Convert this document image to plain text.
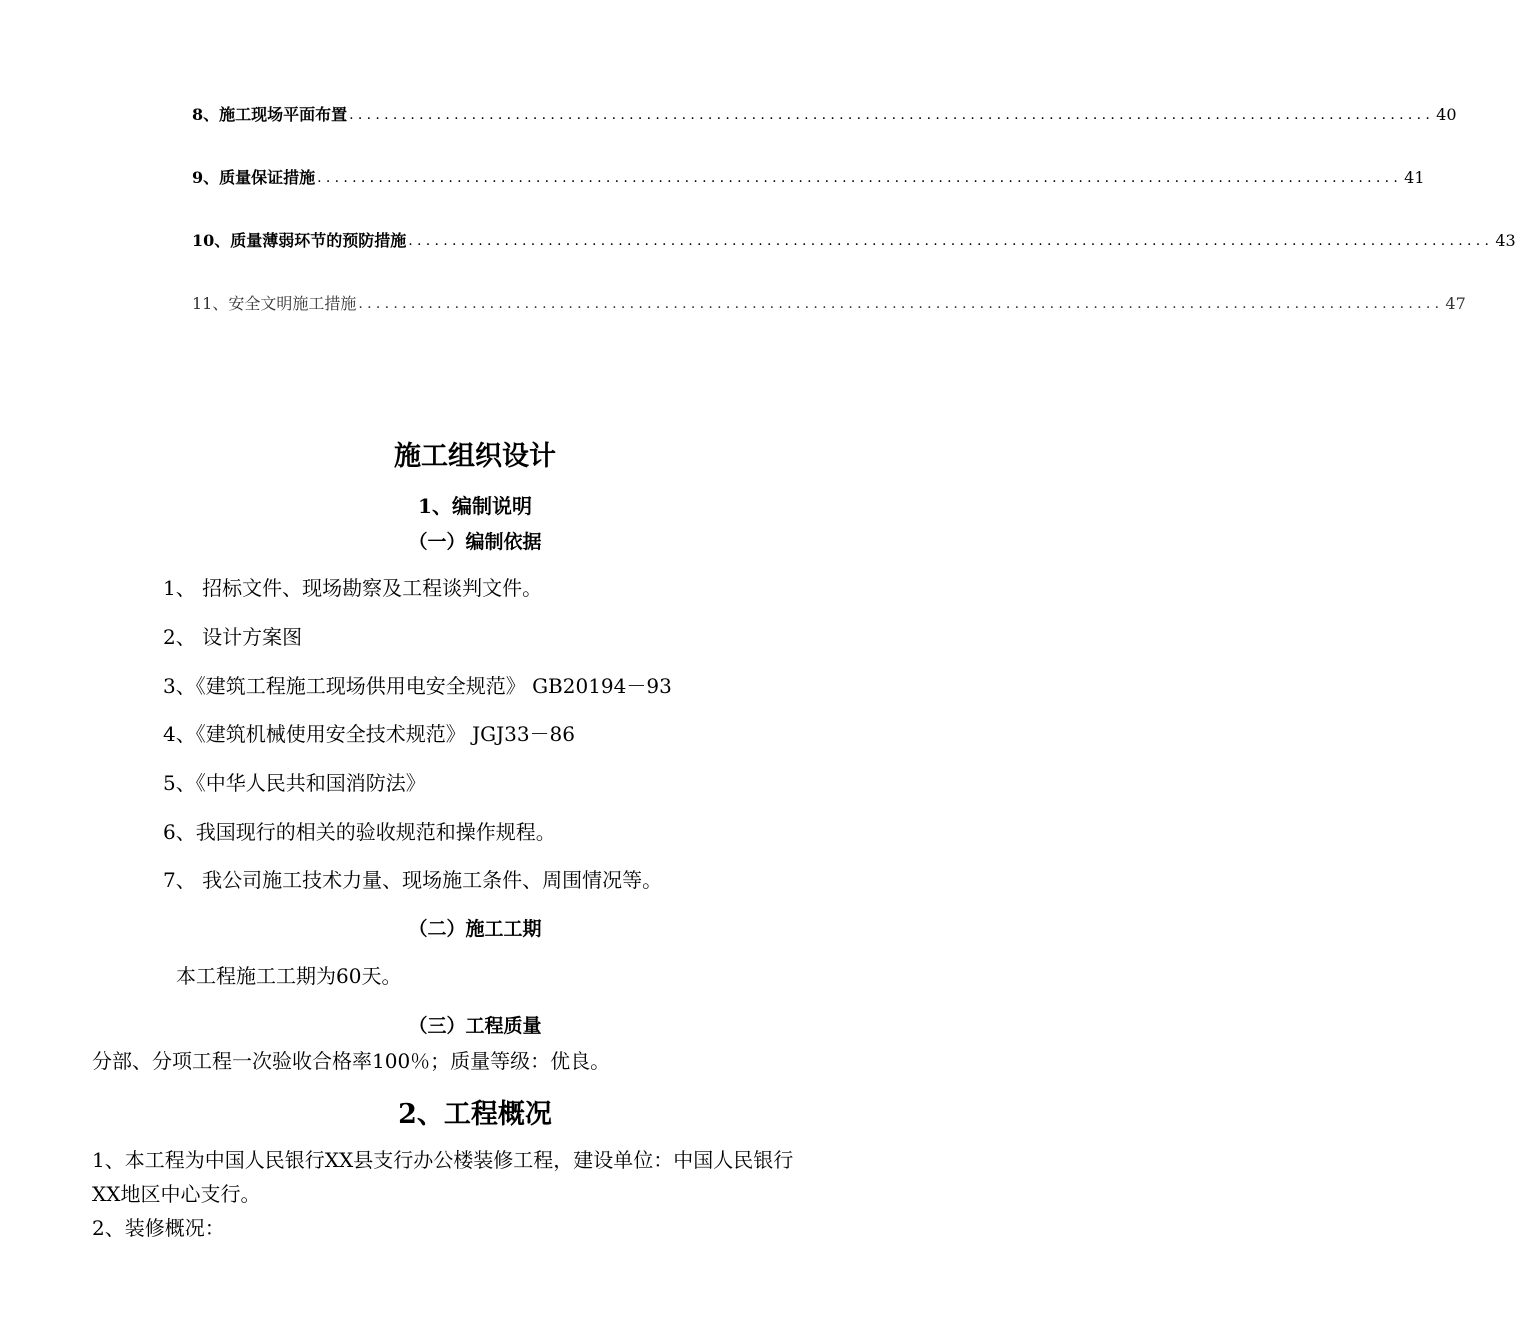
8、施工现场平面布置 ............................................................................................................................ 40
9、质量保证措施 ............................................................................................................................ 41
10、质量薄弱环节的预防措施 ............................................................................................................................ 43
11、安全文明施工措施 ............................................................................................................................ 47
施工组织设计
1、编制说明
（一）编制依据
1、 招标文件、现场勘察及工程谈判文件。
2、 设计方案图
3、《建筑工程施工现场供用电安全规范》 GB20194－93
4、《建筑机械使用安全技术规范》 JGJ33－86
5、《中华人民共和国消防法》
6、我国现行的相关的验收规范和操作规程。
7、 我公司施工技术力量、现场施工条件、周围情况等。
（二）施工工期
本工程施工工期为60天。
（三）工程质量
分部、分项工程一次验收合格率100％；质量等级：优良。
2、工程概况
1、本工程为中国人民银行XX县支行办公楼装修工程，建设单位：中国人民银行
XX地区中心支行。
2、装修概况：
